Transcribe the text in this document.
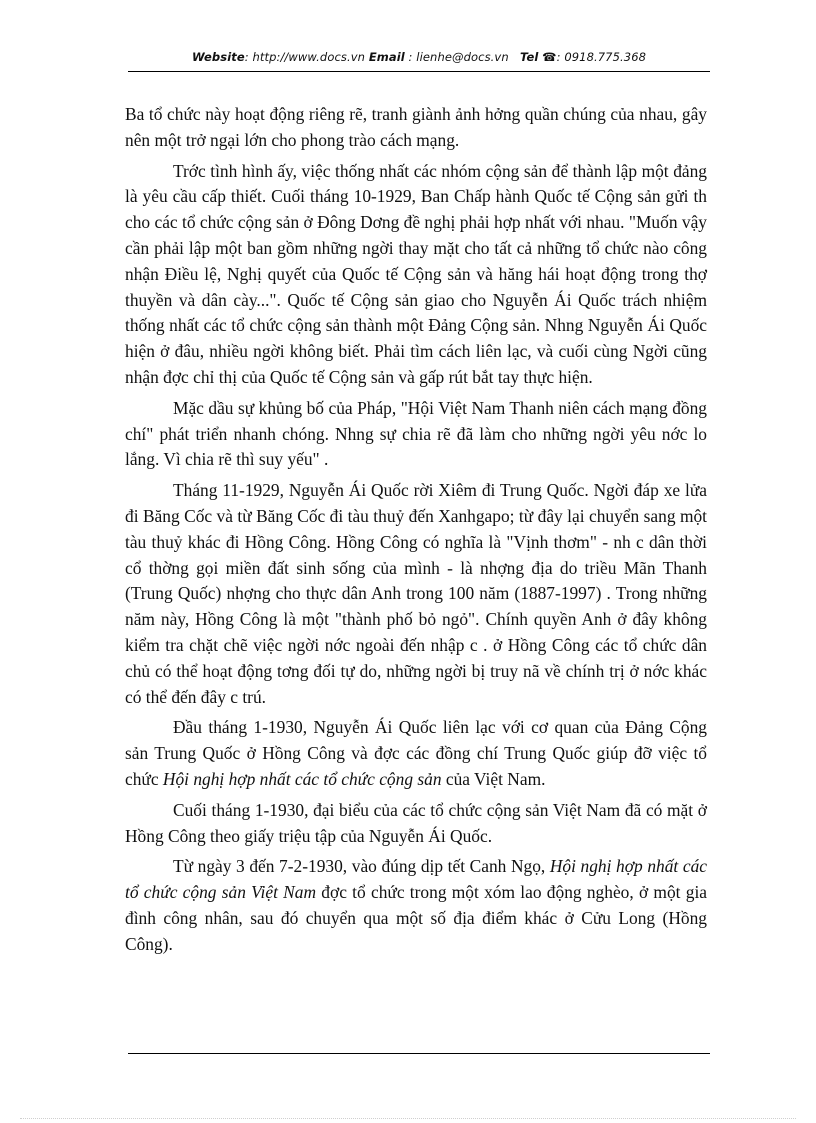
Website: http://www.docs.vn Email : lienhe@docs.vn Tel ☎: 0918.775.368

Ba tổ chức này hoạt động riêng rẽ, tranh giành ảnh hởng quần chúng của nhau, gây nên một trở ngại lớn cho phong trào cách mạng.

Trớc tình hình ấy, việc thống nhất các nhóm cộng sản để thành lập một đảng là yêu cầu cấp thiết. Cuối tháng 10-1929, Ban Chấp hành Quốc tế Cộng sản gửi th cho các tổ chức cộng sản ở Đông Dơng đề nghị phải hợp nhất với nhau. "Muốn vậy cần phải lập một ban gồm những ngời thay mặt cho tất cả những tổ chức nào công nhận Điều lệ, Nghị quyết của Quốc tế Cộng sản và hăng hái hoạt động trong thợ thuyền và dân cày...". Quốc tế Cộng sản giao cho Nguyễn Ái Quốc trách nhiệm thống nhất các tổ chức cộng sản thành một Đảng Cộng sản. Nhng Nguyễn Ái Quốc hiện ở đâu, nhiều ngời không biết. Phải tìm cách liên lạc, và cuối cùng Ngời cũng nhận đợc chỉ thị của Quốc tế Cộng sản và gấp rút bắt tay thực hiện.

Mặc dầu sự khủng bố của Pháp, "Hội Việt Nam Thanh niên cách mạng đồng chí" phát triển nhanh chóng. Nhng sự chia rẽ đã làm cho những ngời yêu nớc lo lắng. Vì chia rẽ thì suy yếu" .

Tháng 11-1929, Nguyễn Ái Quốc rời Xiêm đi Trung Quốc. Ngời đáp xe lửa đi Băng Cốc và từ Băng Cốc đi tàu thuỷ đến Xanhgapo; từ đây lại chuyển sang một tàu thuỷ khác đi Hồng Công. Hồng Công có nghĩa là "Vịnh thơm" - nh c dân thời cổ thờng gọi miền đất sinh sống của mình - là nhợng địa do triều Mãn Thanh (Trung Quốc) nhợng cho thực dân Anh trong 100 năm (1887-1997) . Trong những năm này, Hồng Công là một "thành phố bỏ ngỏ". Chính quyền Anh ở đây không kiểm tra chặt chẽ việc ngời nớc ngoài đến nhập c . ở Hồng Công các tổ chức dân chủ có thể hoạt động tơng đối tự do, những ngời bị truy nã về chính trị ở nớc khác có thể đến đây c trú.

Đầu tháng 1-1930, Nguyễn Ái Quốc liên lạc với cơ quan của Đảng Cộng sản Trung Quốc ở Hồng Công và đợc các đồng chí Trung Quốc giúp đỡ việc tổ chức Hội nghị hợp nhất các tổ chức cộng sản của Việt Nam.

Cuối tháng 1-1930, đại biểu của các tổ chức cộng sản Việt Nam đã có mặt ở Hồng Công theo giấy triệu tập của Nguyễn Ái Quốc.

Từ ngày 3 đến 7-2-1930, vào đúng dịp tết Canh Ngọ, Hội nghị hợp nhất các tổ chức cộng sản Việt Nam đợc tổ chức trong một xóm lao động nghèo, ở một gia đình công nhân, sau đó chuyển qua một số địa điểm khác ở Cửu Long (Hồng Công).
